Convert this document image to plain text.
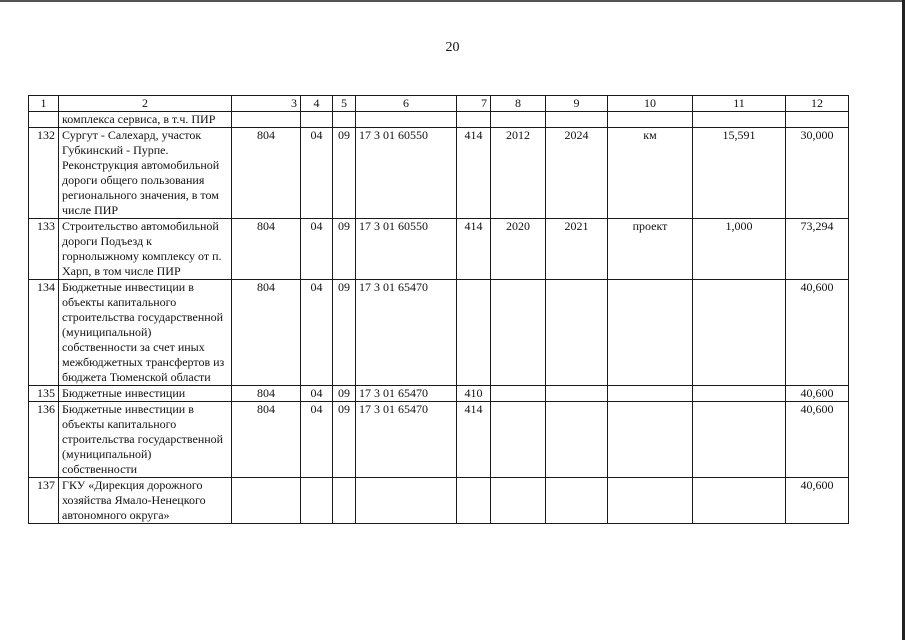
20
1	2	3	4	5	6	7	8	9	10	11	12
	комплекса сервиса, в т.ч. ПИР										
132	Сургут - Салехард, участок Губкинский - Пурпе. Реконструкция автомобильной дороги общего пользования регионального значения, в том числе ПИР	804	04	09	17 3 01 60550	414	2012	2024	км	15,591	30,000
133	Строительство автомобильной дороги Подъезд к горнолыжному комплексу от п. Харп, в том числе ПИР	804	04	09	17 3 01 60550	414	2020	2021	проект	1,000	73,294
134	Бюджетные инвестиции в объекты капитального строительства государственной (муниципальной) собственности за счет иных межбюджетных трансфертов из бюджета Тюменской области	804	04	09	17 3 01 65470						40,600
135	Бюджетные инвестиции	804	04	09	17 3 01 65470	410					40,600
136	Бюджетные инвестиции в объекты капитального строительства государственной (муниципальной) собственности	804	04	09	17 3 01 65470	414					40,600
137	ГКУ «Дирекция дорожного хозяйства Ямало-Ненецкого автономного округа»										40,600
